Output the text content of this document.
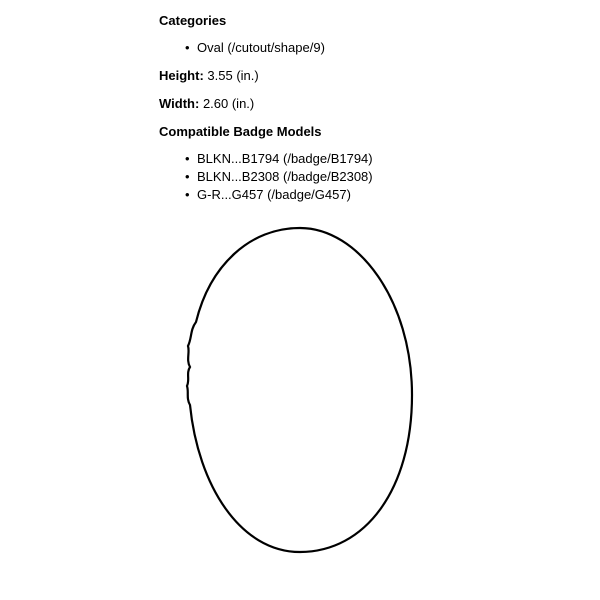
Categories
• Oval (/cutout/shape/9)
Height: 3.55 (in.)
Width: 2.60 (in.)
Compatible Badge Models
• BLKN...B1794 (/badge/B1794)
• BLKN...B2308 (/badge/B2308)
• G-R...G457 (/badge/G457)
